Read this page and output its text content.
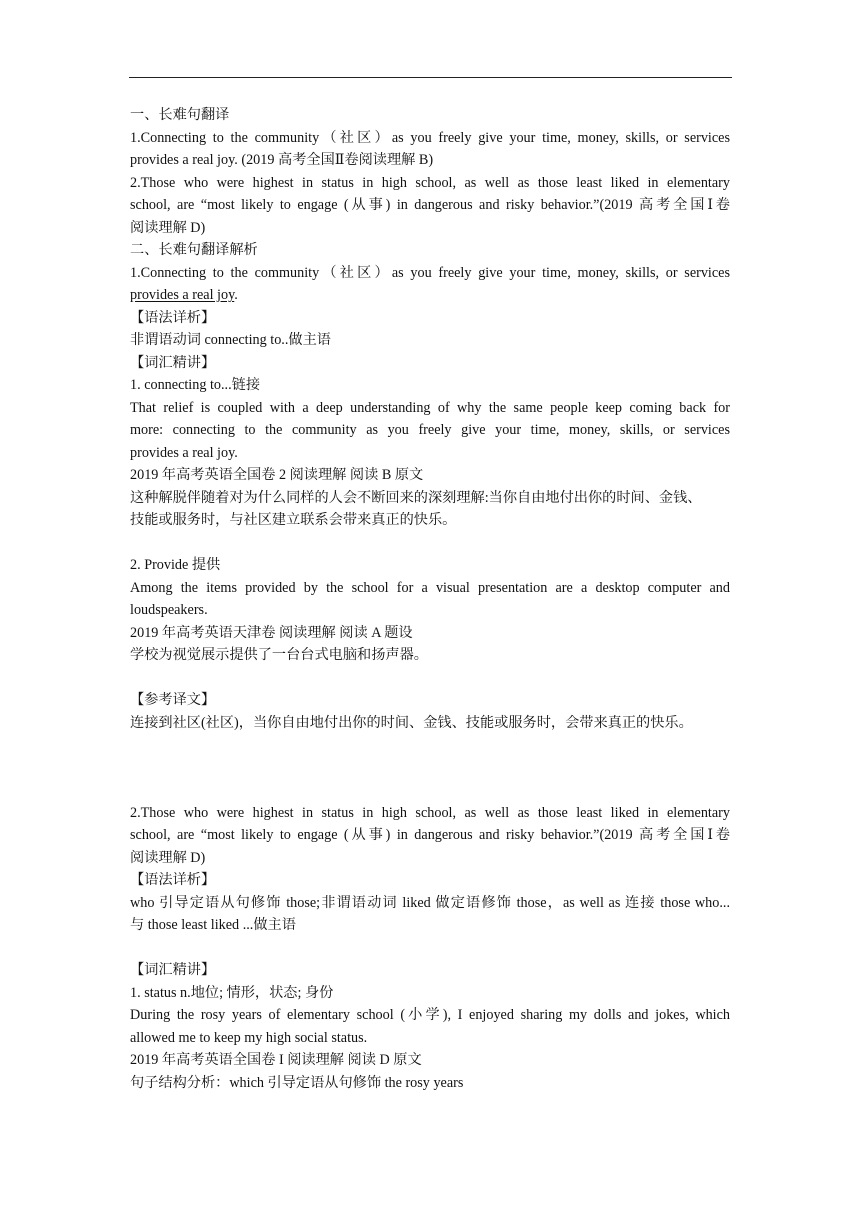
一、长难句翻译

1.Connecting to the community（社区）as you freely give your time, money, skills, or services

provides a real joy. (2019 高考全国Ⅱ卷阅读理解 B)

2.Those who were highest in status in high school, as well as those least liked in elementary

school, are “most likely to engage (从事) in dangerous and risky behavior.”(2019 高考全国Ⅰ卷

阅读理解 D)

二、长难句翻译解析

1.Connecting to the community（社区）as you freely give your time, money, skills, or services

provides a real joy.

【语法详析】

非谓语动词 connecting to..做主语

【词汇精讲】

1. connecting to...链接

That relief is coupled with a deep understanding of why the same people keep coming back for

more: connecting to the community as you freely give your time, money, skills, or services

provides a real joy.

2019 年高考英语全国卷 2 阅读理解 阅读 B 原文

这种解脱伴随着对为什么同样的人会不断回来的深刻理解:当你自由地付出你的时间、金钱、

技能或服务时，与社区建立联系会带来真正的快乐。

2. Provide 提供

Among the items provided by the school for a visual presentation are a desktop computer and

loudspeakers.

2019 年高考英语天津卷 阅读理解 阅读 A 题设

学校为视觉展示提供了一台台式电脑和扬声器。

【参考译文】

连接到社区(社区)，当你自由地付出你的时间、金钱、技能或服务时，会带来真正的快乐。

2.Those who were highest in status in high school, as well as those least liked in elementary

school, are “most likely to engage (从事) in dangerous and risky behavior.”(2019 高考全国Ⅰ卷

阅读理解 D)

【语法详析】

who 引导定语从句修饰 those;非谓语动词 liked 做定语修饰 those，as well as 连接 those who...

与 those least liked ...做主语

【词汇精讲】

1. status n.地位; 情形，状态; 身份

During the rosy years of elementary school (小学), I enjoyed sharing my dolls and jokes, which

allowed me to keep my high social status.

2019 年高考英语全国卷 I 阅读理解 阅读 D 原文

句子结构分析：which 引导定语从句修饰 the rosy years
